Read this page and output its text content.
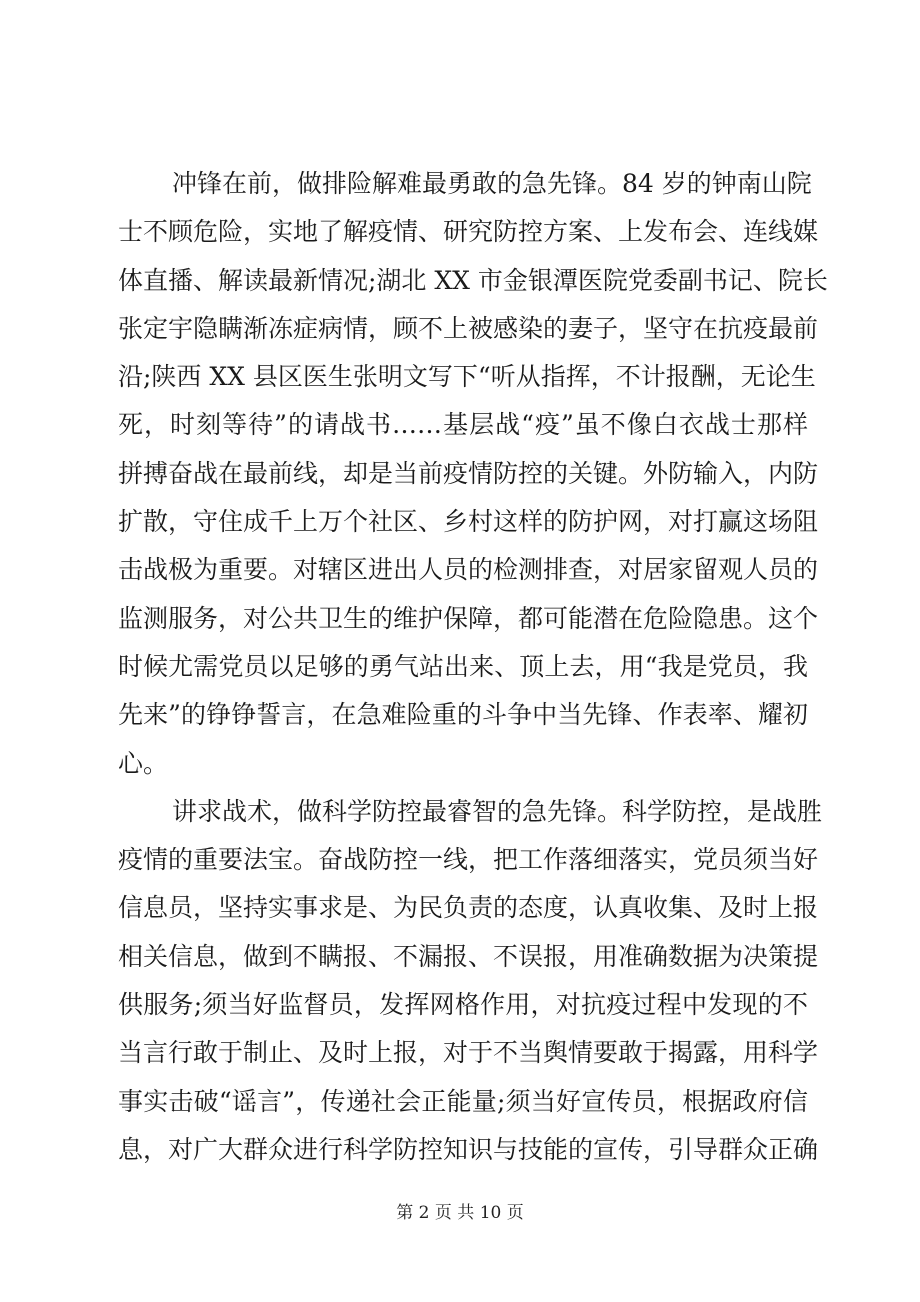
冲锋在前，做排险解难最勇敢的急先锋。84 岁的钟南山院
士不顾危险，实地了解疫情、研究防控方案、上发布会、连线媒
体直播、解读最新情况;湖北 XX 市金银潭医院党委副书记、院长
张定宇隐瞒渐冻症病情，顾不上被感染的妻子，坚守在抗疫最前
沿;陕西 XX 县区医生张明文写下“听从指挥，不计报酬，无论生
死，时刻等待”的请战书……基层战“疫”虽不像白衣战士那样
拼搏奋战在最前线，却是当前疫情防控的关键。外防输入，内防
扩散，守住成千上万个社区、乡村这样的防护网，对打赢这场阻
击战极为重要。对辖区进出人员的检测排查，对居家留观人员的
监测服务，对公共卫生的维护保障，都可能潜在危险隐患。这个
时候尤需党员以足够的勇气站出来、顶上去，用“我是党员，我
先来”的铮铮誓言，在急难险重的斗争中当先锋、作表率、耀初
心。
讲求战术，做科学防控最睿智的急先锋。科学防控，是战胜
疫情的重要法宝。奋战防控一线，把工作落细落实，党员须当好
信息员，坚持实事求是、为民负责的态度，认真收集、及时上报
相关信息，做到不瞒报、不漏报、不误报，用准确数据为决策提
供服务;须当好监督员，发挥网格作用，对抗疫过程中发现的不
当言行敢于制止、及时上报，对于不当舆情要敢于揭露，用科学
事实击破“谣言”，传递社会正能量;须当好宣传员，根据政府信
息，对广大群众进行科学防控知识与技能的宣传，引导群众正确
第 2 页 共 10 页
